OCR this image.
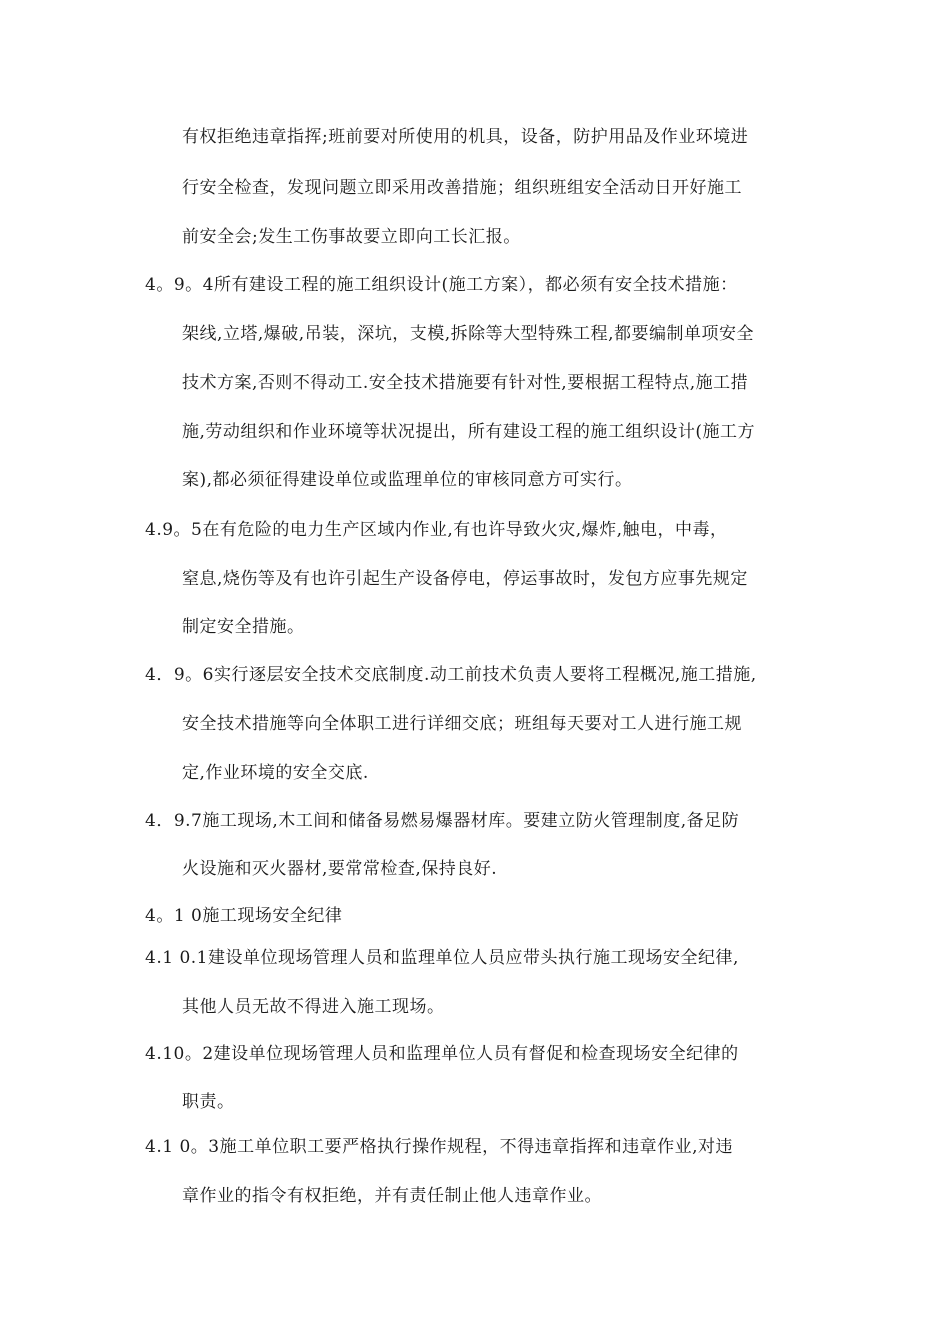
有权拒绝违章指挥;班前要对所使用的机具，设备，防护用品及作业环境进
行安全检查，发现问题立即采用改善措施；组织班组安全活动日开好施工
前安全会;发生工伤事故要立即向工长汇报。
4。9。4所有建设工程的施工组织设计(施工方案），都必须有安全技术措施：
架线,立塔,爆破,吊装，深坑，支模,拆除等大型特殊工程,都要编制单项安全
技术方案,否则不得动工.安全技术措施要有针对性,要根据工程特点,施工措
施,劳动组织和作业环境等状况提出，所有建设工程的施工组织设计(施工方
案),都必须征得建设单位或监理单位的审核同意方可实行。
4.9。5在有危险的电力生产区域内作业,有也许导致火灾,爆炸,触电，中毒，
窒息,烧伤等及有也许引起生产设备停电，停运事故时，发包方应事先规定
制定安全措施。
4．9。6实行逐层安全技术交底制度.动工前技术负责人要将工程概况,施工措施,
安全技术措施等向全体职工进行详细交底；班组每天要对工人进行施工规
定,作业环境的安全交底.
4．9.7施工现场,木工间和储备易燃易爆器材库。要建立防火管理制度,备足防
火设施和灭火器材,要常常检查,保持良好.
4。1 0施工现场安全纪律
4.1 0.1建设单位现场管理人员和监理单位人员应带头执行施工现场安全纪律,
其他人员无故不得进入施工现场。
4.10。2建设单位现场管理人员和监理单位人员有督促和检查现场安全纪律的
职责。
4.1 0。3施工单位职工要严格执行操作规程，不得违章指挥和违章作业,对违
章作业的指令有权拒绝，并有责任制止他人违章作业。
